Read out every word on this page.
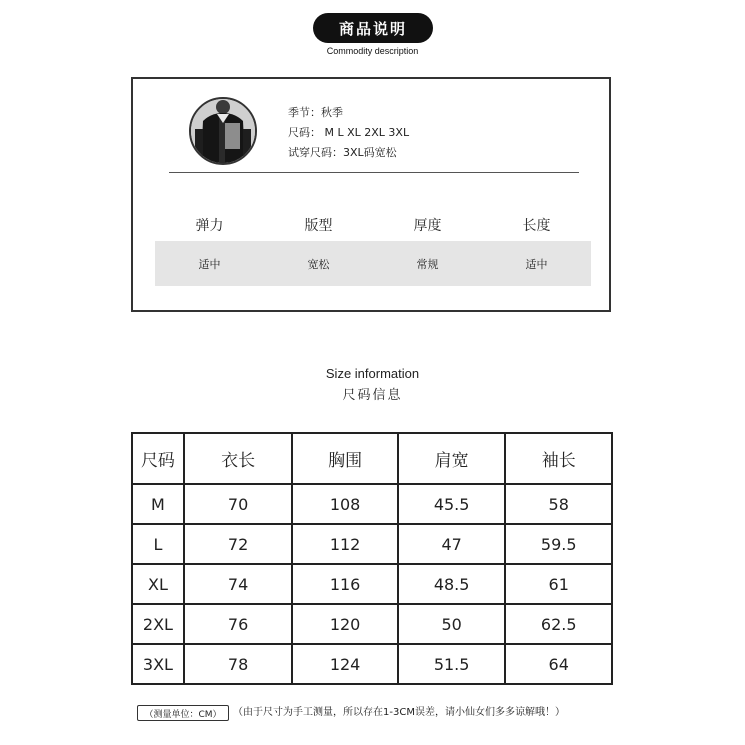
商品说明
Commodity description
季节：秋季
尺码： M L XL 2XL 3XL
试穿尺码：3XL码宽松
弹力	版型	厚度	长度
适中	宽松	常规	适中
Size information
尺码信息
尺码	衣长	胸围	肩宽	袖长
M	70	108	45.5	58
L	72	112	47	59.5
XL	74	116	48.5	61
2XL	76	120	50	62.5
3XL	78	124	51.5	64
（测量单位：CM）	（由于尺寸为手工测量，所以存在1-3CM误差，请小仙女们多多谅解哦！）
